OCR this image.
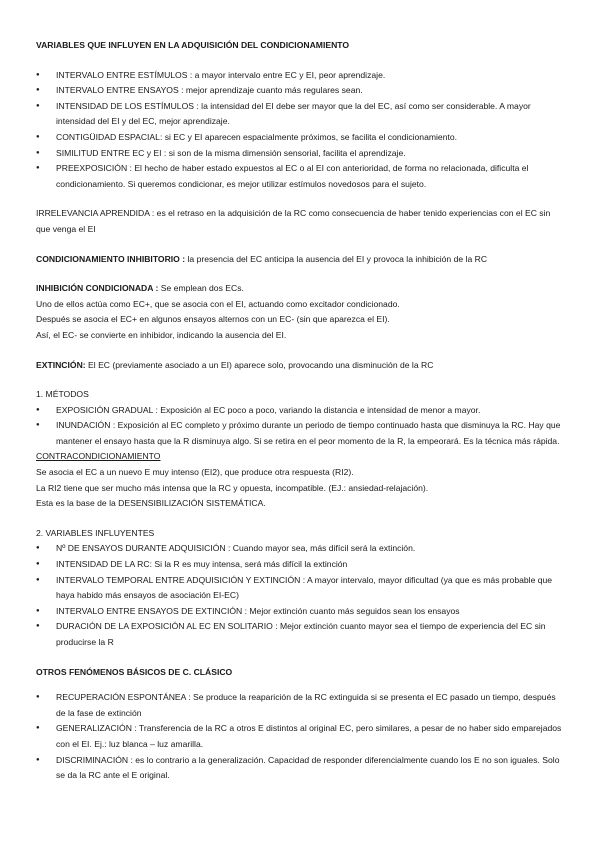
VARIABLES QUE INFLUYEN EN LA ADQUISICIÓN DEL CONDICIONAMIENTO

● INTERVALO ENTRE ESTÍMULOS : a mayor intervalo entre EC y EI, peor aprendizaje.
● INTERVALO ENTRE ENSAYOS : mejor aprendizaje cuanto más regulares sean.
● INTENSIDAD DE LOS ESTÍMULOS : la intensidad del EI debe ser mayor que la del EC, así como ser considerable. A mayor intensidad del EI y del EC, mejor aprendizaje.
● CONTIGÜIDAD ESPACIAL: si EC y EI aparecen espacialmente próximos, se facilita el condicionamiento.
● SIMILITUD ENTRE EC y EI : si son de la misma dimensión sensorial, facilita el aprendizaje.
● PREEXPOSICIÓN : El hecho de haber estado expuestos al EC o al EI con anterioridad, de forma no relacionada, dificulta el condicionamiento. Si queremos condicionar, es mejor utilizar estímulos novedosos para el sujeto.

IRRELEVANCIA APRENDIDA : es el retraso en la adquisición de la RC como consecuencia de haber tenido experiencias con el EC sin que venga el EI

CONDICIONAMIENTO INHIBITORIO : la presencia del EC anticipa la ausencia del EI y provoca la inhibición de la RC

INHIBICIÓN CONDICIONADA : Se emplean dos ECs.

Uno de ellos actúa como EC+, que se asocia con el EI, actuando como excitador condicionado.

Después se asocia el EC+ en algunos ensayos alternos con un EC- (sin que aparezca el EI).

Así, el EC- se convierte en inhibidor, indicando la ausencia del EI.

EXTINCIÓN: El EC (previamente asociado a un EI) aparece solo, provocando una disminución de la RC

1. MÉTODOS

● EXPOSICIÓN GRADUAL : Exposición al EC poco a poco, variando la distancia e intensidad de menor a mayor.
● INUNDACIÓN : Exposición al EC completo y próximo durante un periodo de tiempo continuado hasta que disminuya la RC. Hay que mantener el ensayo hasta que la R disminuya algo. Si se retira en el peor momento de la R, la empeorará. Es la técnica más rápida.

CONTRACONDICIONAMIENTO

Se asocia el EC a un nuevo E muy intenso (EI2), que produce otra respuesta (RI2).

La RI2 tiene que ser mucho más intensa que la RC y opuesta, incompatible. (EJ.: ansiedad-relajación).

Esta es la base de la DESENSIBILIZACIÓN SISTEMÁTICA.

2. VARIABLES INFLUYENTES

● Nº DE ENSAYOS DURANTE ADQUISICIÓN : Cuando mayor sea, más difícil será la extinción.
● INTENSIDAD DE LA RC: Si la R es muy intensa, será más difícil la extinción
● INTERVALO TEMPORAL ENTRE ADQUISICIÓN Y EXTINCIÓN : A mayor intervalo, mayor dificultad (ya que es más probable que haya habido más ensayos de asociación EI-EC)
● INTERVALO ENTRE ENSAYOS DE EXTINCIÓN : Mejor extinción cuanto más seguidos sean los ensayos
● DURACIÓN DE LA EXPOSICIÓN AL EC EN SOLITARIO : Mejor extinción cuanto mayor sea el tiempo de experiencia del EC sin producirse la R

OTROS FENÓMENOS BÁSICOS DE C. CLÁSICO

● RECUPERACIÓN ESPONTÁNEA : Se produce la reaparición de la RC extinguida si se presenta el EC pasado un tiempo, después de la fase de extinción
● GENERALIZACIÓN : Transferencia de la RC a otros E distintos al original EC, pero similares, a pesar de no haber sido emparejados con el EI. Ej.: luz blanca – luz amarilla.
● DISCRIMINACIÓN : es lo contrario a la generalización. Capacidad de responder diferencialmente cuando los E no son iguales. Solo se da la RC ante el E original.
